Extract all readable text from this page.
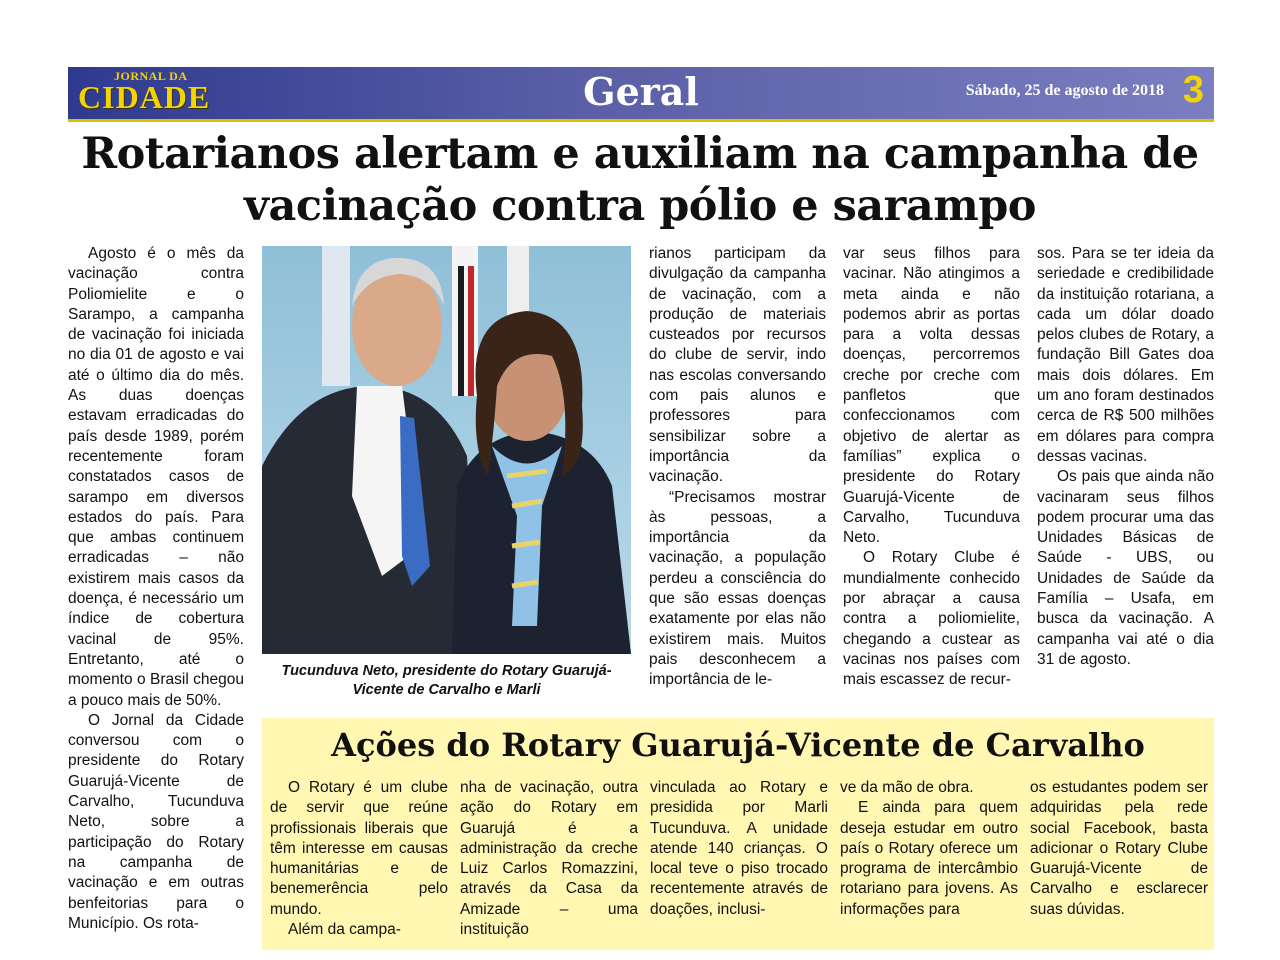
JORNAL DA
CIDADE	Geral	Sábado, 25 de agosto de 2018 3
Rotarianos alertam e auxiliam na campanha de vacinação contra pólio e sarampo

Agosto é o mês da vacinação contra Poliomielite e o Sarampo, a campanha de vacinação foi iniciada no dia 01 de agosto e vai até o último dia do mês. As duas doenças estavam erradicadas do país desde 1989, porém recentemente foram constatados casos de sarampo em diversos estados do país. Para que ambas continuem erradicadas – não existirem mais casos da doença, é necessário um índice de cobertura vacinal de 95%. Entretanto, até o momento o Brasil chegou a pouco mais de 50%.

O Jornal da Cidade conversou com o presidente do Rotary Guarujá-Vicente de Carvalho, Tucunduva Neto, sobre a participação do Rotary na campanha de vacinação e em outras benfeitorias para o Município. Os rota-

Tucunduva Neto, presidente do Rotary Guarujá-Vicente de Carvalho e Marli

rianos participam da divulgação da campanha de vacinação, com a produção de materiais custeados por recursos do clube de servir, indo nas escolas conversando com pais alunos e professores para sensibilizar sobre a importância da vacinação.

“Precisamos mostrar às pessoas, a importância da vacinação, a população perdeu a consciência do que são essas doenças exatamente por elas não existirem mais. Muitos pais desconhecem a importância de le-

var seus filhos para vacinar. Não atingimos a meta ainda e não podemos abrir as portas para a volta dessas doenças, percorremos creche por creche com panfletos que confeccionamos com objetivo de alertar as famílias” explica o presidente do Rotary Guarujá-Vicente de Carvalho, Tucunduva Neto.

O Rotary Clube é mundialmente conhecido por abraçar a causa contra a poliomielite, chegando a custear as vacinas nos países com mais escassez de recur-

sos. Para se ter ideia da seriedade e credibilidade da instituição rotariana, a cada um dólar doado pelos clubes de Rotary, a fundação Bill Gates doa mais dois dólares. Em um ano foram destinados cerca de R$ 500 milhões em dólares para compra dessas vacinas.

Os pais que ainda não vacinaram seus filhos podem procurar uma das Unidades Básicas de Saúde - UBS, ou Unidades de Saúde da Família – Usafa, em busca da vacinação. A campanha vai até o dia 31 de agosto.

Ações do Rotary Guarujá-Vicente de Carvalho

O Rotary é um clube de servir que reúne profissionais liberais que têm interesse em causas humanitárias e de benemerência pelo mundo.

Além da campa-

nha de vacinação, outra ação do Rotary em Guarujá é a administração da creche Luiz Carlos Romazzini, através da Casa da Amizade – uma instituição

vinculada ao Rotary e presidida por Marli Tucunduva. A unidade atende 140 crianças. O local teve o piso trocado recentemente através de doações, inclusi-

ve da mão de obra.

E ainda para quem deseja estudar em outro país o Rotary oferece um programa de intercâmbio rotariano para jovens. As informações para

os estudantes podem ser adquiridas pela rede social Facebook, basta adicionar o Rotary Clube Guarujá-Vicente de Carvalho e esclarecer suas dúvidas.
